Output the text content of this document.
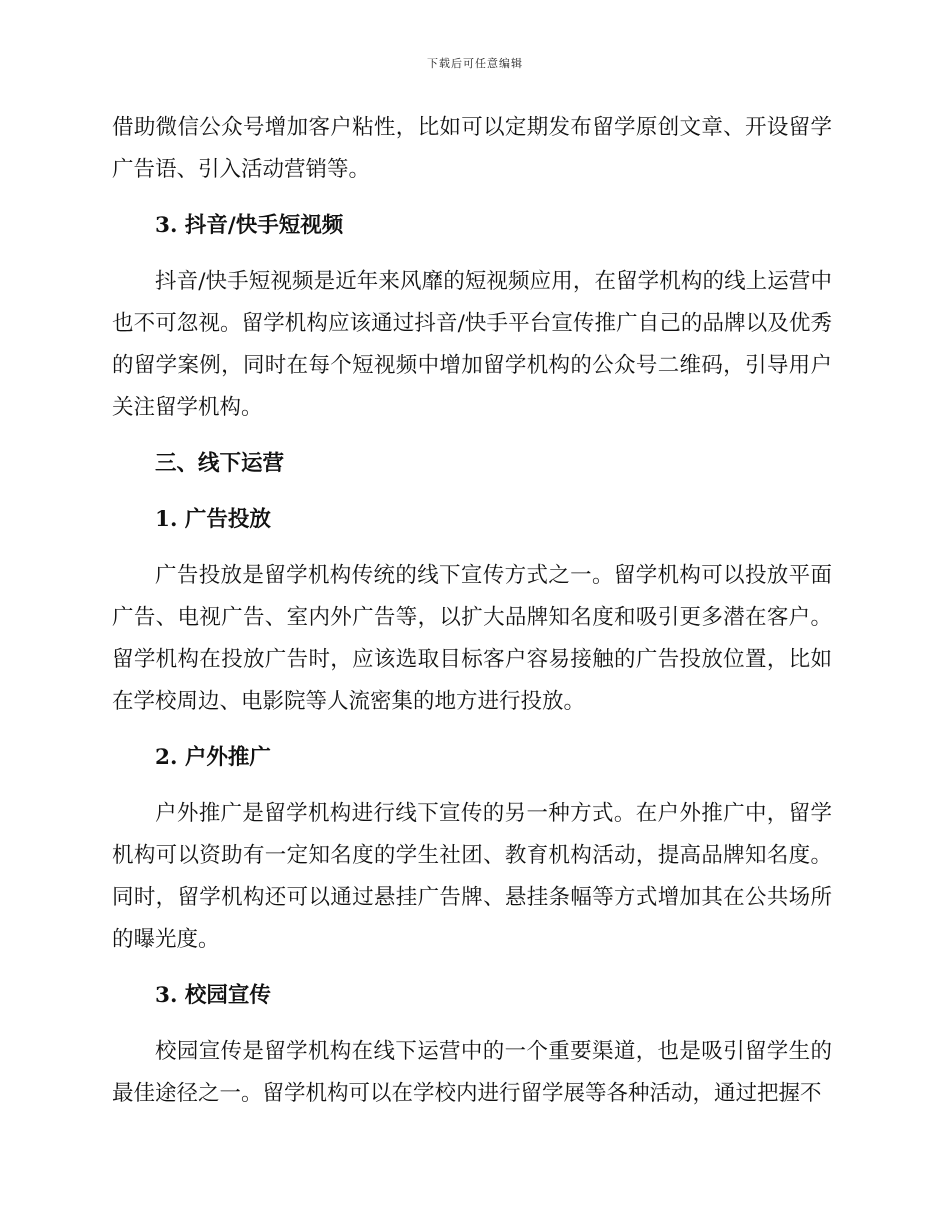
下载后可任意编辑

借助微信公众号增加客户粘性，比如可以定期发布留学原创文章、开设留学广告语、引入活动营销等。

3. 抖音/快手短视频

抖音/快手短视频是近年来风靡的短视频应用，在留学机构的线上运营中也不可忽视。留学机构应该通过抖音/快手平台宣传推广自己的品牌以及优秀的留学案例，同时在每个短视频中增加留学机构的公众号二维码，引导用户关注留学机构。

三、线下运营
1. 广告投放

广告投放是留学机构传统的线下宣传方式之一。留学机构可以投放平面广告、电视广告、室内外广告等，以扩大品牌知名度和吸引更多潜在客户。留学机构在投放广告时，应该选取目标客户容易接触的广告投放位置，比如在学校周边、电影院等人流密集的地方进行投放。

2. 户外推广

户外推广是留学机构进行线下宣传的另一种方式。在户外推广中，留学机构可以资助有一定知名度的学生社团、教育机构活动，提高品牌知名度。同时，留学机构还可以通过悬挂广告牌、悬挂条幅等方式增加其在公共场所的曝光度。

3. 校园宣传

校园宣传是留学机构在线下运营中的一个重要渠道，也是吸引留学生的最佳途径之一。留学机构可以在学校内进行留学展等各种活动，通过把握不
